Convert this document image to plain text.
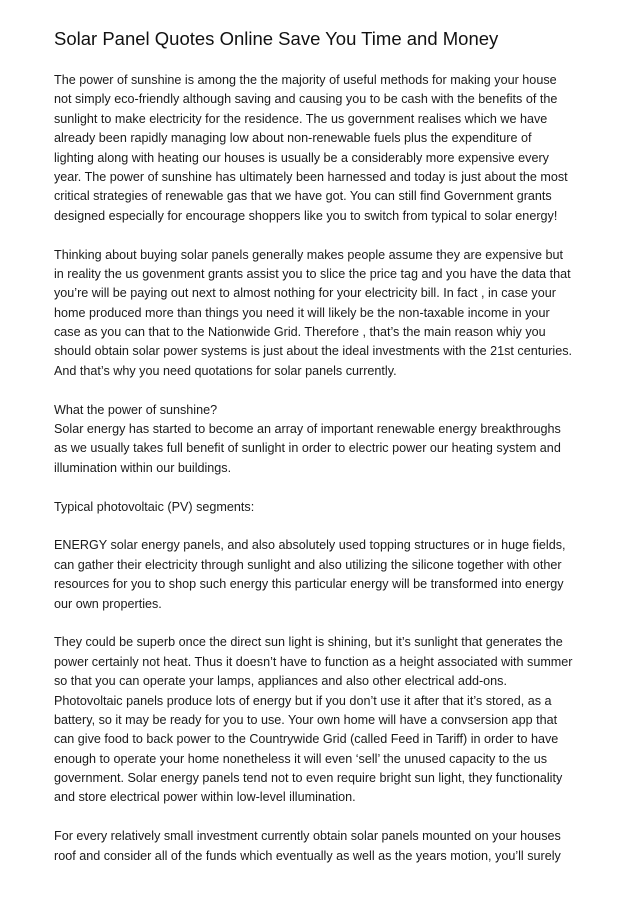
Solar Panel Quotes Online Save You Time and Money
The power of sunshine is among the the majority of useful methods for making your house
not simply eco-friendly although saving and causing you to be cash with the benefits of the
sunlight to make electricity for the residence. The us government realises which we have
already been rapidly managing low about non-renewable fuels plus the expenditure of
lighting along with heating our houses is usually be a considerably more expensive every
year. The power of sunshine has ultimately been harnessed and today is just about the most
critical strategies of renewable gas that we have got. You can still find Government grants
designed especially for encourage shoppers like you to switch from typical to solar energy!
Thinking about buying solar panels generally makes people assume they are expensive but
in reality the us govenment grants assist you to slice the price tag and you have the data that
you’re will be paying out next to almost nothing for your electricity bill. In fact , in case your
home produced more than things you need it will likely be the non-taxable income in your
case as you can that to the Nationwide Grid. Therefore , that’s the main reason whiy you
should obtain solar power systems is just about the ideal investments with the 21st centuries.
And that’s why you need quotations for solar panels currently.
What the power of sunshine?
Solar energy has started to become an array of important renewable energy breakthroughs
as we usually takes full benefit of sunlight in order to electric power our heating system and
illumination within our buildings.
Typical photovoltaic (PV) segments:
ENERGY solar energy panels, and also absolutely used topping structures or in huge fields,
can gather their electricity through sunlight and also utilizing the silicone together with other
resources for you to shop such energy this particular energy will be transformed into energy
our own properties.
They could be superb once the direct sun light is shining, but it’s sunlight that generates the
power certainly not heat. Thus it doesn’t have to function as a height associated with summer
so that you can operate your lamps, appliances and also other electrical add-ons.
Photovoltaic panels produce lots of energy but if you don’t use it after that it’s stored, as a
battery, so it may be ready for you to use. Your own home will have a convsersion app that
can give food to back power to the Countrywide Grid (called Feed in Tariff) in order to have
enough to operate your home nonetheless it will even ‘sell’ the unused capacity to the us
government. Solar energy panels tend not to even require bright sun light, they functionality
and store electrical power within low-level illumination.
For every relatively small investment currently obtain solar panels mounted on your houses
roof and consider all of the funds which eventually as well as the years motion, you’ll surely
